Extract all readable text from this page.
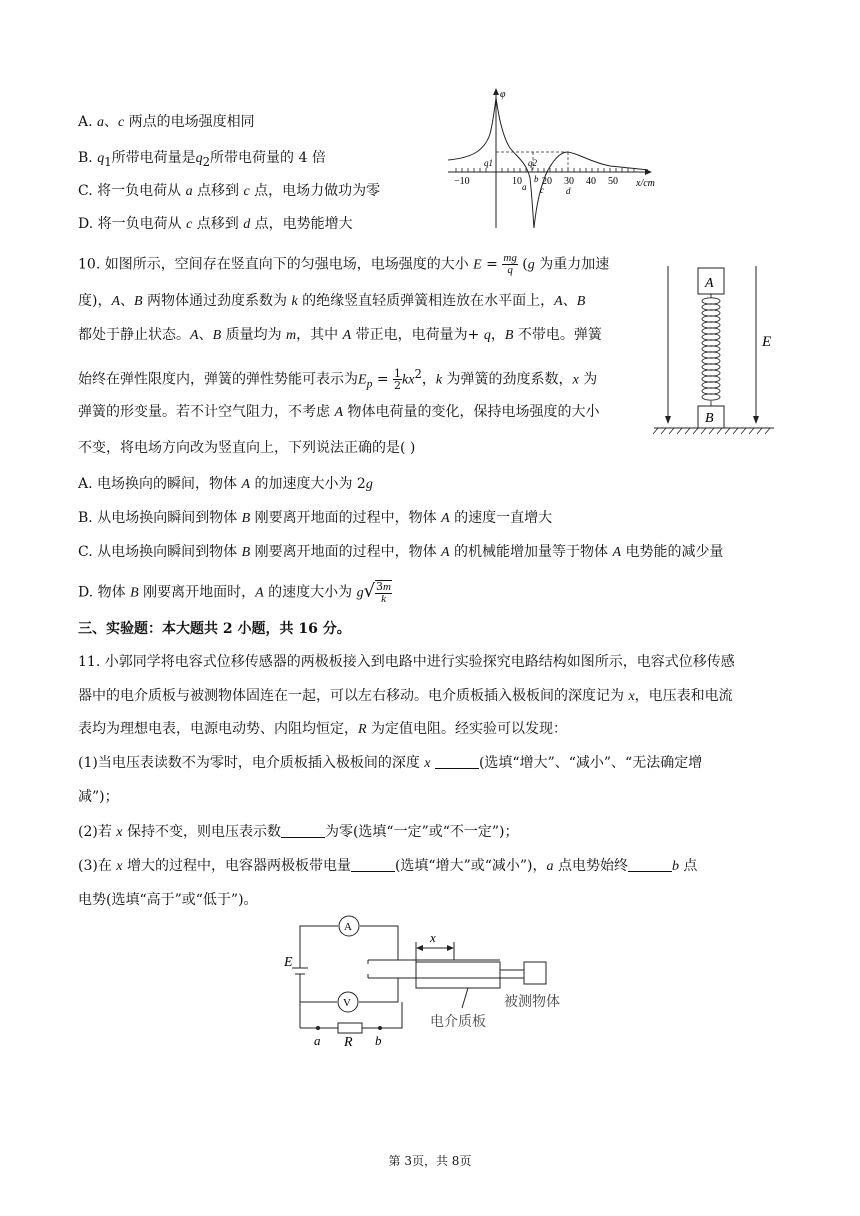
A. a、c 两点的电场强度相同
B. $q_1$所带电荷量是$q_2$所带电荷量的 4 倍
C. 将一负电荷从 a 点移到 c 点，电场力做功为零
D. 将一负电荷从 c 点移到 d 点，电势能增大
φ
−10	10 20 30 40 50 x/cm
q1	q2
a
b
c d
10. 如图所示，空间存在竖直向下的匀强电场，电场强度的大小 $E = \frac{mg}{q} (g$ 为重力加速
度)，A、B 两物体通过劲度系数为 k 的绝缘竖直轻质弹簧相连放在水平面上，A、B
都处于静止状态。A、B 质量均为 m，其中 A 带正电，电荷量为+ q，B 不带电。弹簧
始终在弹性限度内，弹簧的弹性势能可表示为$E_p = \frac{1}{2} kx^2$，k 为弹簧的劲度系数，x 为
弹簧的形变量。若不计空气阻力，不考虑 A 物体电荷量的变化，保持电场强度的大小
不变，将电场方向改为竖直向上，下列说法正确的是( )
A. 电场换向的瞬间，物体 A 的加速度大小为 2g
B. 从电场换向瞬间到物体 B 刚要离开地面的过程中，物体 A 的速度一直增大
C. 从电场换向瞬间到物体 B 刚要离开地面的过程中，物体 A 的机械能增加量等于物体 A 电势能的减少量
D. 物体 B 刚要离开地面时，A 的速度大小为 $g√ \frac{3m}{k}$
A
B
E
三、实验题：本大题共 2 小题，共 16 分。
11. 小郭同学将电容式位移传感器的两极板接入到电路中进行实验探究电路结构如图所示，电容式位移传感
器中的电介质板与被测物体固连在一起，可以左右移动。电介质板插入极板间的深度记为 x，电压表和电流
表均为理想电表，电源电动势、内阻均恒定，R 为定值电阻。经实验可以发现：
(1)当电压表读数不为零时，电介质板插入极板间的深度 x	(选填“增大”、“减小”、“无法确定增
减”)；
(2)若 x 保持不变，则电压表示数	为零(选填“一定”或“不一定”)；
(3)在 x 增大的过程中，电容器两极板带电量	(选填“增大”或“减小”)，a 点电势始终	b 点
电势(选填“高于”或“低于”)。
A
V
E
a R b
x
电介质板
被测物体
第 3页，共 8页
